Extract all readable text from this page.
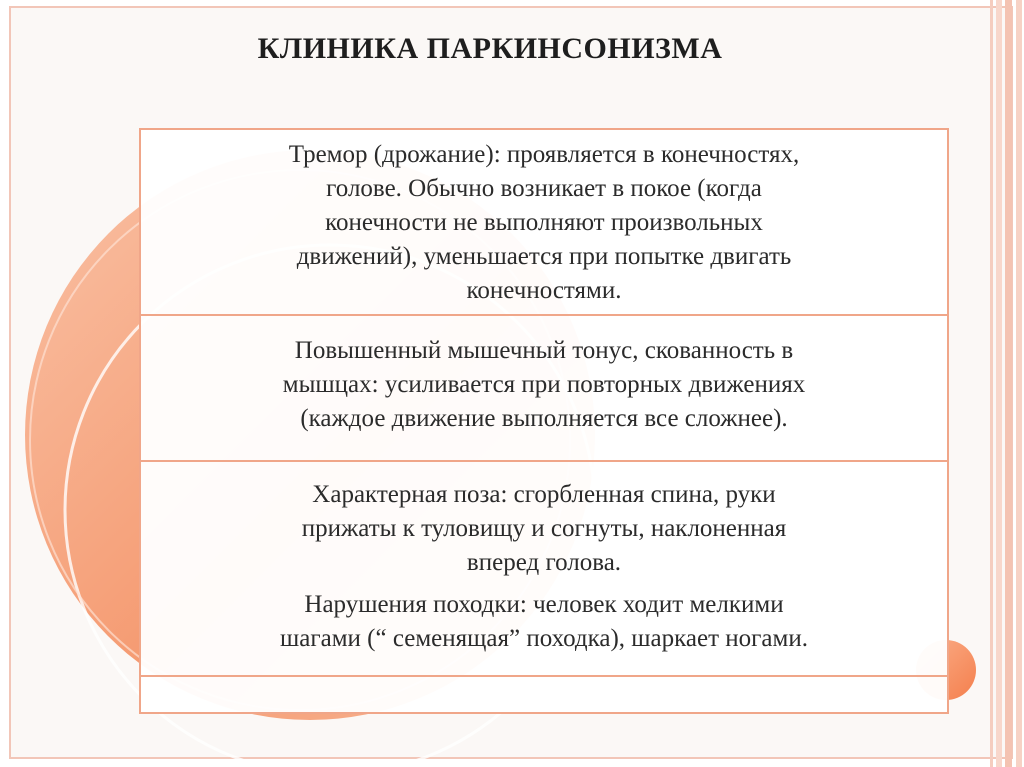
КЛИНИКА ПАРКИНСОНИЗМА

Тремор (дрожание): проявляется в конечностях,
голове. Обычно возникает в покое (когда
конечности не выполняют произвольных
движений), уменьшается при попытке двигать
конечностями.

Повышенный мышечный тонус, скованность в
мышцах: усиливается при повторных движениях
(каждое движение выполняется все сложнее).

Характерная поза: сгорбленная спина, руки
прижаты к туловищу и согнуты, наклоненная
вперед голова.

Нарушения походки: человек ходит мелкими
шагами (“ семенящая” походка), шаркает ногами.
